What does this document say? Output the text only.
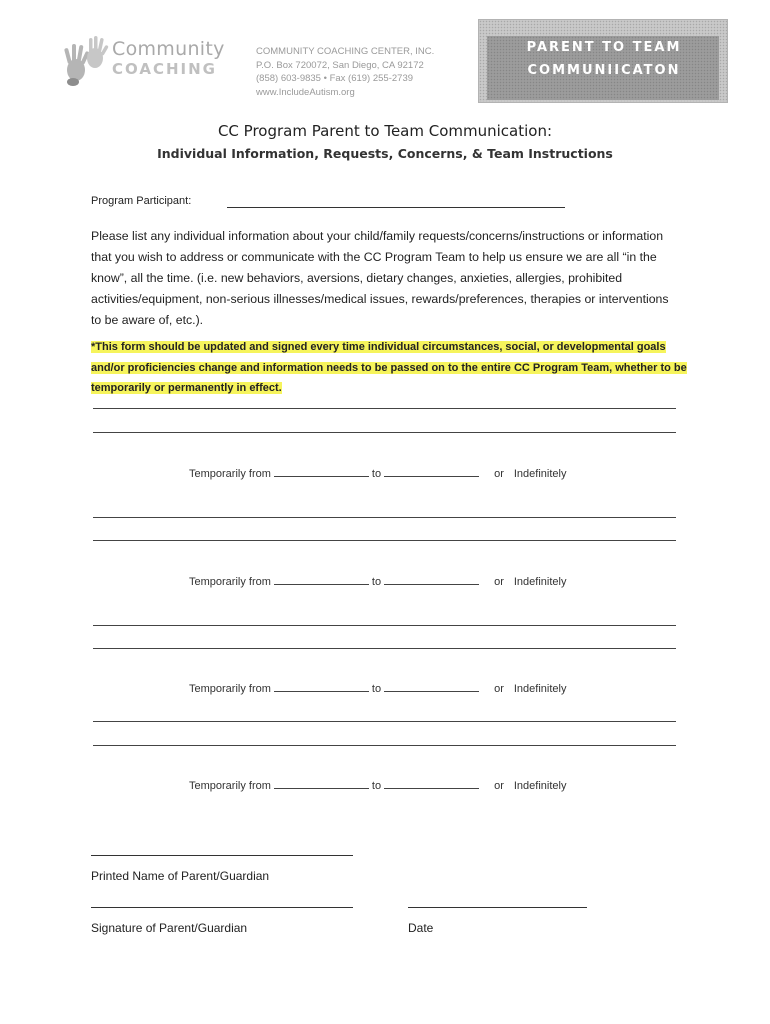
Community
COACHING
COMMUNITY COACHING CENTER, INC.
P.O. Box 720072, San Diego, CA 92172
(858) 603-9835 • Fax (619) 255-2739
www.IncludeAutism.org
PARENT TO TEAM
COMMUNIICATON
CC Program Parent to Team Communication:
Individual Information, Requests, Concerns, & Team Instructions
Program Participant:
Please list any individual information about your child/family requests/concerns/instructions or information that you wish to address or communicate with the CC Program Team to help us ensure we are all “in the know”, all the time. (i.e. new behaviors, aversions, dietary changes, anxieties, allergies, prohibited activities/equipment, non-serious illnesses/medical issues, rewards/preferences, therapies or interventions to be aware of, etc.).
*This form should be updated and signed every time individual circumstances, social, or developmental goals and/or proficiencies change and information needs to be passed on to the entire CC Program Team, whether to be temporarily or permanently in effect.
Temporarily from	to	or Indefinitely
Temporarily from	to	or Indefinitely
Temporarily from	to	or Indefinitely
Temporarily from	to	or Indefinitely
Printed Name of Parent/Guardian
Signature of Parent/Guardian	Date
